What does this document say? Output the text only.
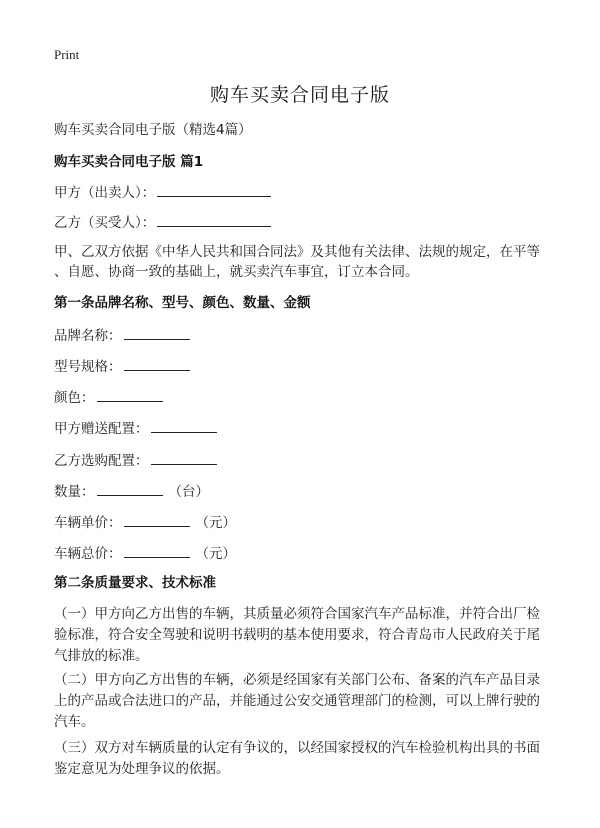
Print
购车买卖合同电子版
购车买卖合同电子版（精选4篇）
购车买卖合同电子版 篇1
甲方（出卖人）：
乙方（买受人）：
甲、乙双方依据《中华人民共和国合同法》及其他有关法律、法规的规定，在平等
、自愿、协商一致的基础上，就买卖汽车事宜，订立本合同。
第一条品牌名称、型号、颜色、数量、金额
品牌名称：
型号规格：
颜色：
甲方赠送配置：
乙方选购配置：
数量：	（台）
车辆单价：	（元）
车辆总价：	（元）
第二条质量要求、技术标准
（一）甲方向乙方出售的车辆，其质量必须符合国家汽车产品标准，并符合出厂检
验标准，符合安全驾驶和说明书载明的基本使用要求，符合青岛市人民政府关于尾
气排放的标准。
（二）甲方向乙方出售的车辆，必须是经国家有关部门公布、备案的汽车产品目录
上的产品或合法进口的产品，并能通过公安交通管理部门的检测，可以上牌行驶的
汽车。
（三）双方对车辆质量的认定有争议的，以经国家授权的汽车检验机构出具的书面
鉴定意见为处理争议的依据。
